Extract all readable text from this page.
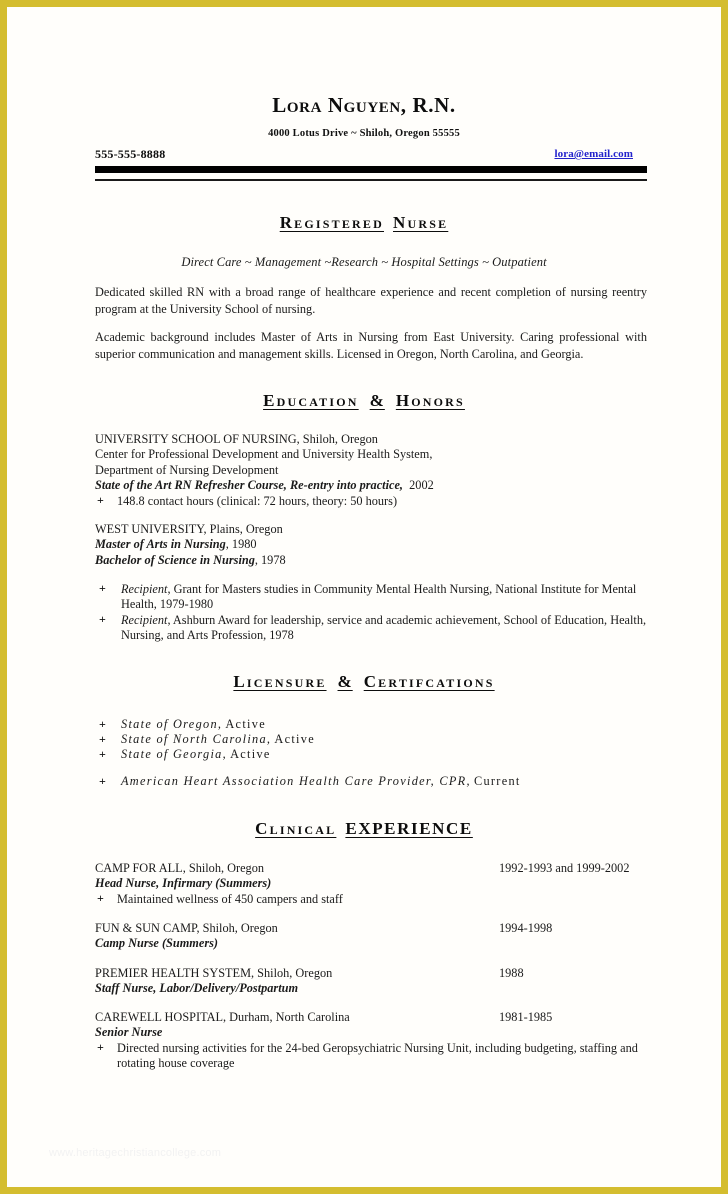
Lora Nguyen, R.N.
4000 Lotus Drive ~ Shiloh, Oregon 55555
555-555-8888	lora@email.com
Registered Nurse
Direct Care ~ Management ~Research ~ Hospital Settings ~ Outpatient
Dedicated skilled RN with a broad range of healthcare experience and recent completion of nursing reentry program at the University School of nursing.
Academic background includes Master of Arts in Nursing from East University. Caring professional with superior communication and management skills. Licensed in Oregon, North Carolina, and Georgia.
Education & Honors
UNIVERSITY SCHOOL OF NURSING, Shiloh, Oregon
Center for Professional Development and University Health System,
Department of Nursing Development
State of the Art RN Refresher Course, Re-entry into practice, 2002
+ 148.8 contact hours (clinical: 72 hours, theory: 50 hours)
WEST UNIVERSITY, Plains, Oregon
Master of Arts in Nursing, 1980
Bachelor of Science in Nursing, 1978
+ Recipient, Grant for Masters studies in Community Mental Health Nursing, National Institute for Mental Health, 1979-1980
+ Recipient, Ashburn Award for leadership, service and academic achievement, School of Education, Health, Nursing, and Arts Profession, 1978
Licensure & Certifcations
+ State of Oregon, Active
+ State of North Carolina, Active
+ State of Georgia, Active
+ American Heart Association Health Care Provider, CPR, Current
Clinical EXPERIENCE
CAMP FOR ALL, Shiloh, Oregon	1992-1993 and 1999-2002
Head Nurse, Infirmary (Summers)
+ Maintained wellness of 450 campers and staff
FUN & SUN CAMP, Shiloh, Oregon	1994-1998
Camp Nurse (Summers)
PREMIER HEALTH SYSTEM, Shiloh, Oregon	1988
Staff Nurse, Labor/Delivery/Postpartum
CAREWELL HOSPITAL, Durham, North Carolina	1981-1985
Senior Nurse
+ Directed nursing activities for the 24-bed Geropsychiatric Nursing Unit, including budgeting, staffing and rotating house coverage
www.heritagechristiancollege.com
